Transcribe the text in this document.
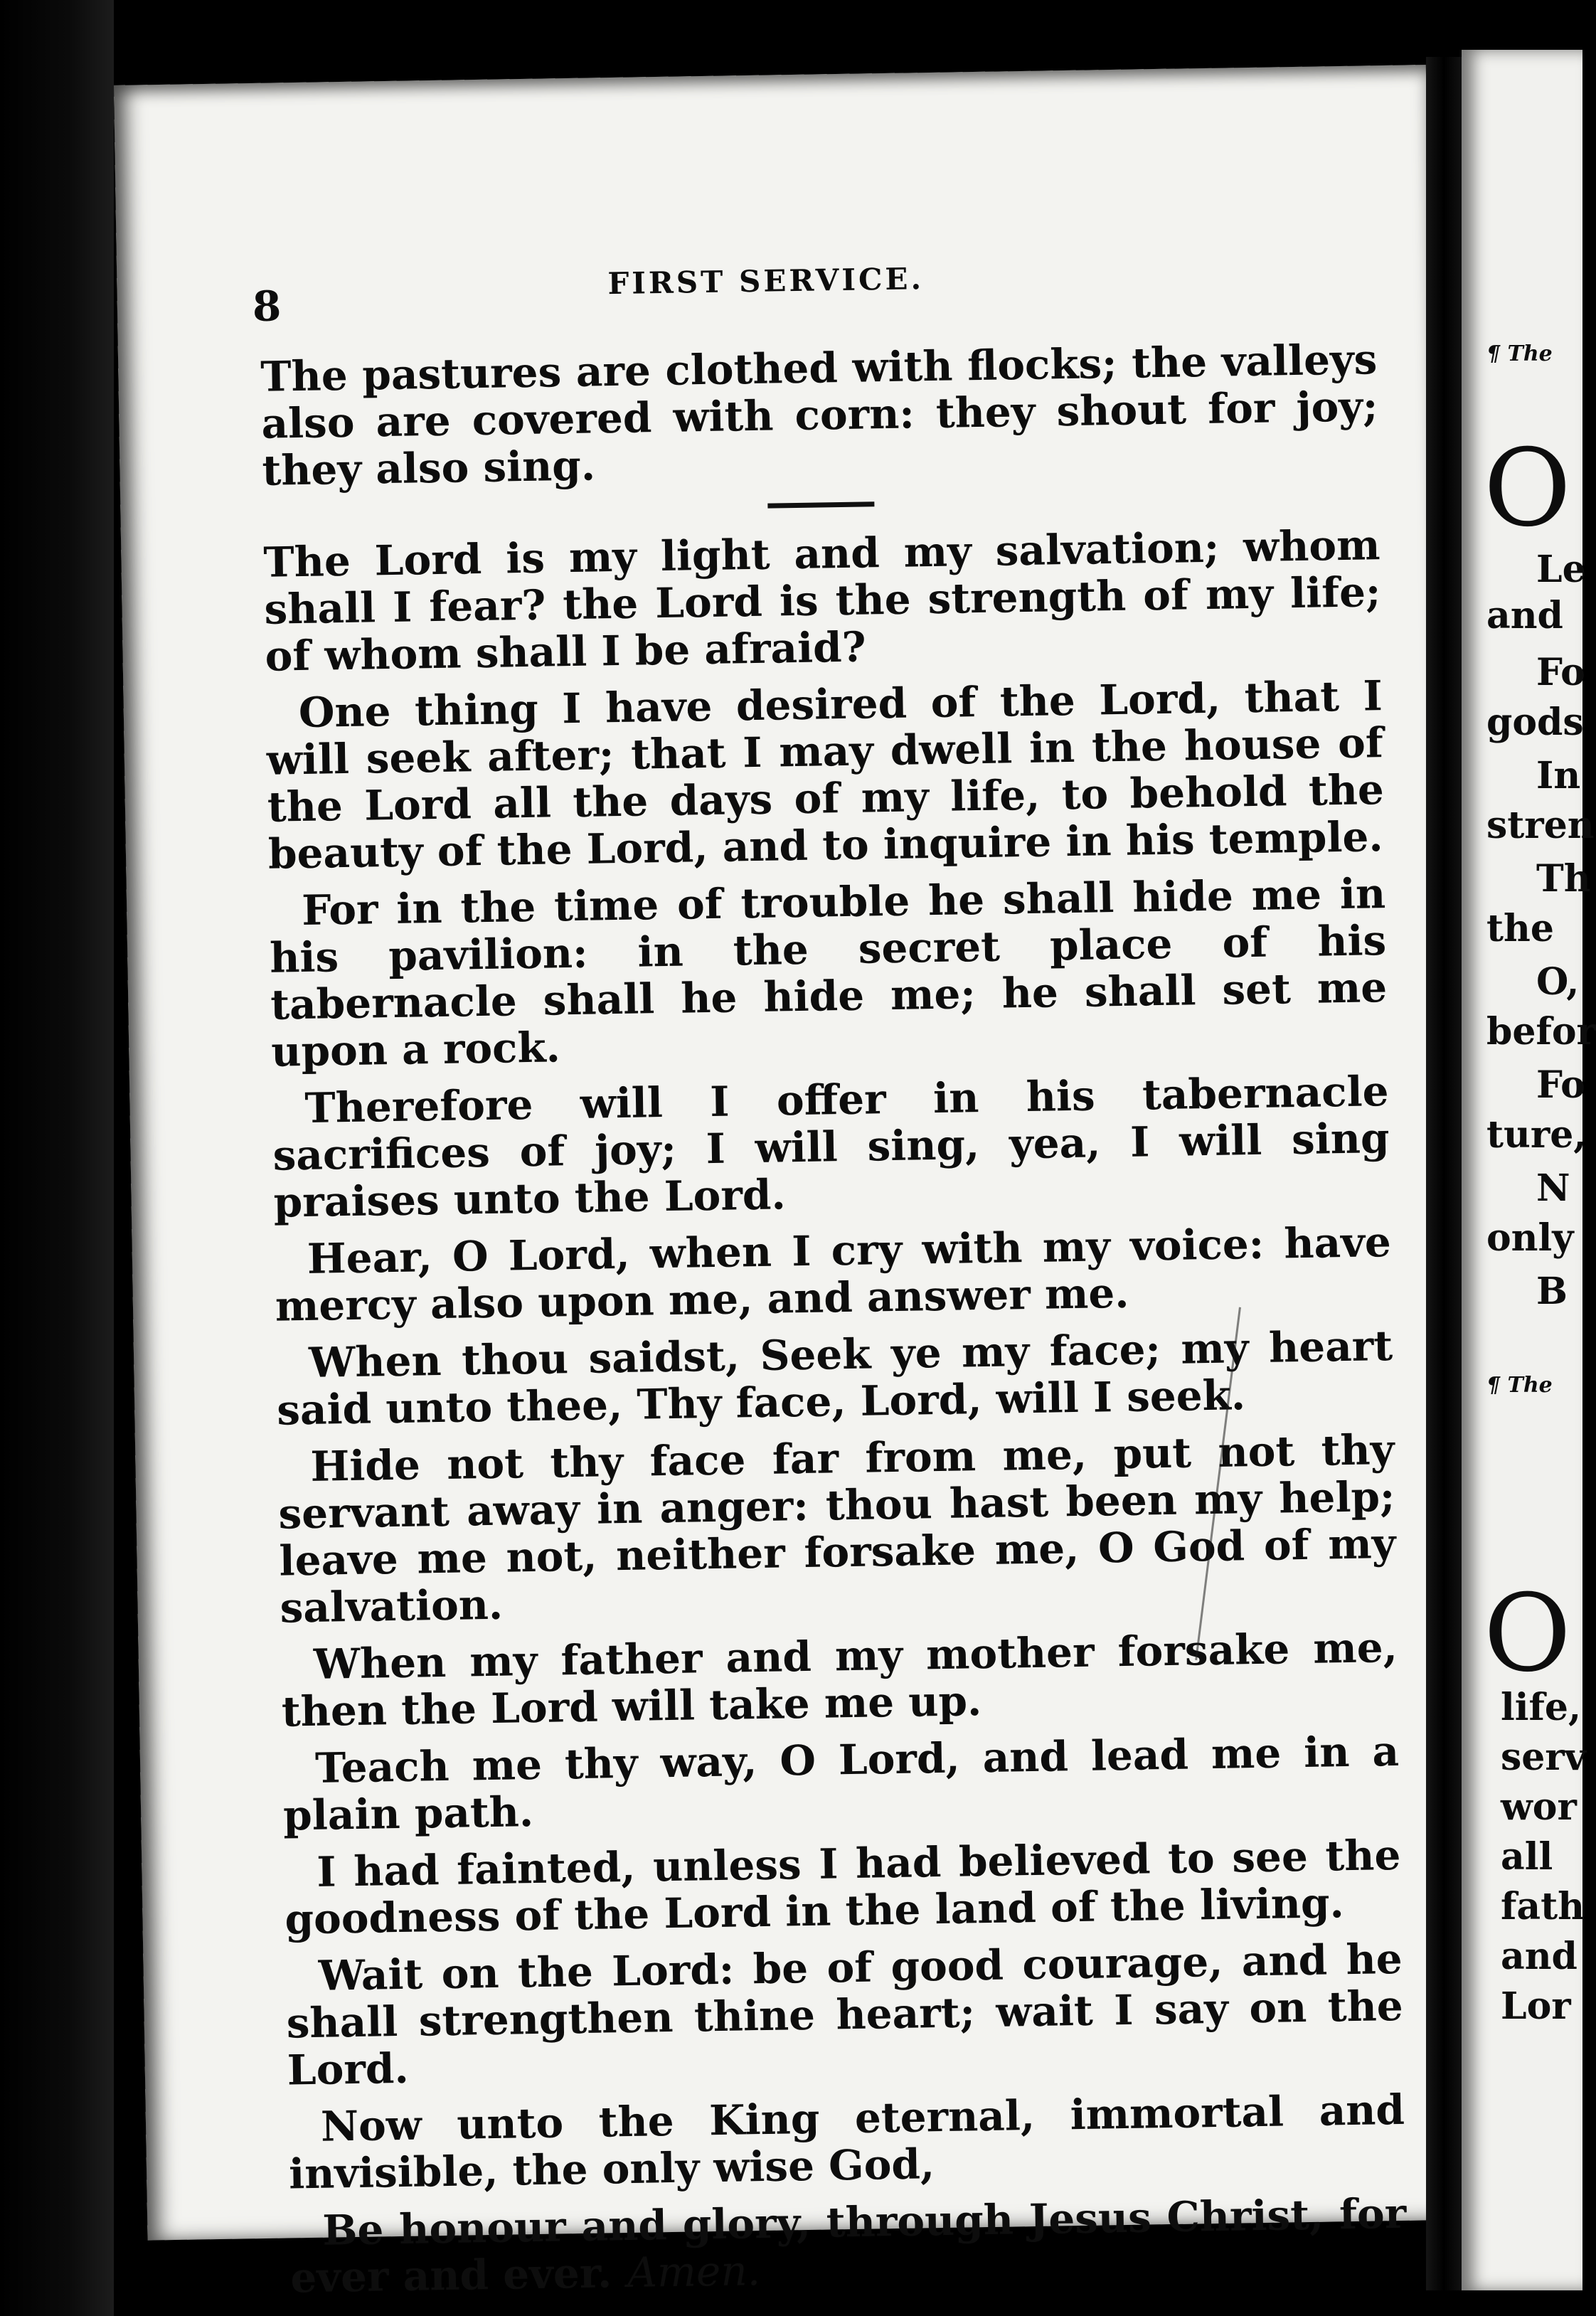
8
FIRST SERVICE.

The pastures are clothed with flocks; the valleys also are covered with corn: they shout for joy; they also sing.

The Lord is my light and my salvation; whom shall I fear? the Lord is the strength of my life; of whom shall I be afraid?

One thing I have desired of the Lord, that I will seek after; that I may dwell in the house of the Lord all the days of my life, to behold the beauty of the Lord, and to inquire in his temple.

For in the time of trouble he shall hide me in his pavilion: in the secret place of his tabernacle shall he hide me; he shall set me upon a rock.

Therefore will I offer in his tabernacle sacrifices of joy; I will sing, yea, I will sing praises unto the Lord.

Hear, O Lord, when I cry with my voice: have mercy also upon me, and answer me.

When thou saidst, Seek ye my face; my heart said unto thee, Thy face, Lord, will I seek.

Hide not thy face far from me, put not thy servant away in anger: thou hast been my help; leave me not, neither forsake me, O God of my salvation.

When my father and my mother forsake me, then the Lord will take me up.

Teach me thy way, O Lord, and lead me in a plain path.

I had fainted, unless I had believed to see the goodness of the Lord in the land of the living.

Wait on the Lord: be of good courage, and he shall strengthen thine heart; wait I say on the Lord.

Now unto the King eternal, immortal and invisible, the only wise God,

Be honour and glory, through Jesus Christ, for ever and ever. Amen.

¶ The
O
Le
and
Fo
gods
In
stren
Th
the
O,
befor
Fo
ture,
N
only
B
¶ The
O
life,
serv
wor
all
fath
and
Lor
